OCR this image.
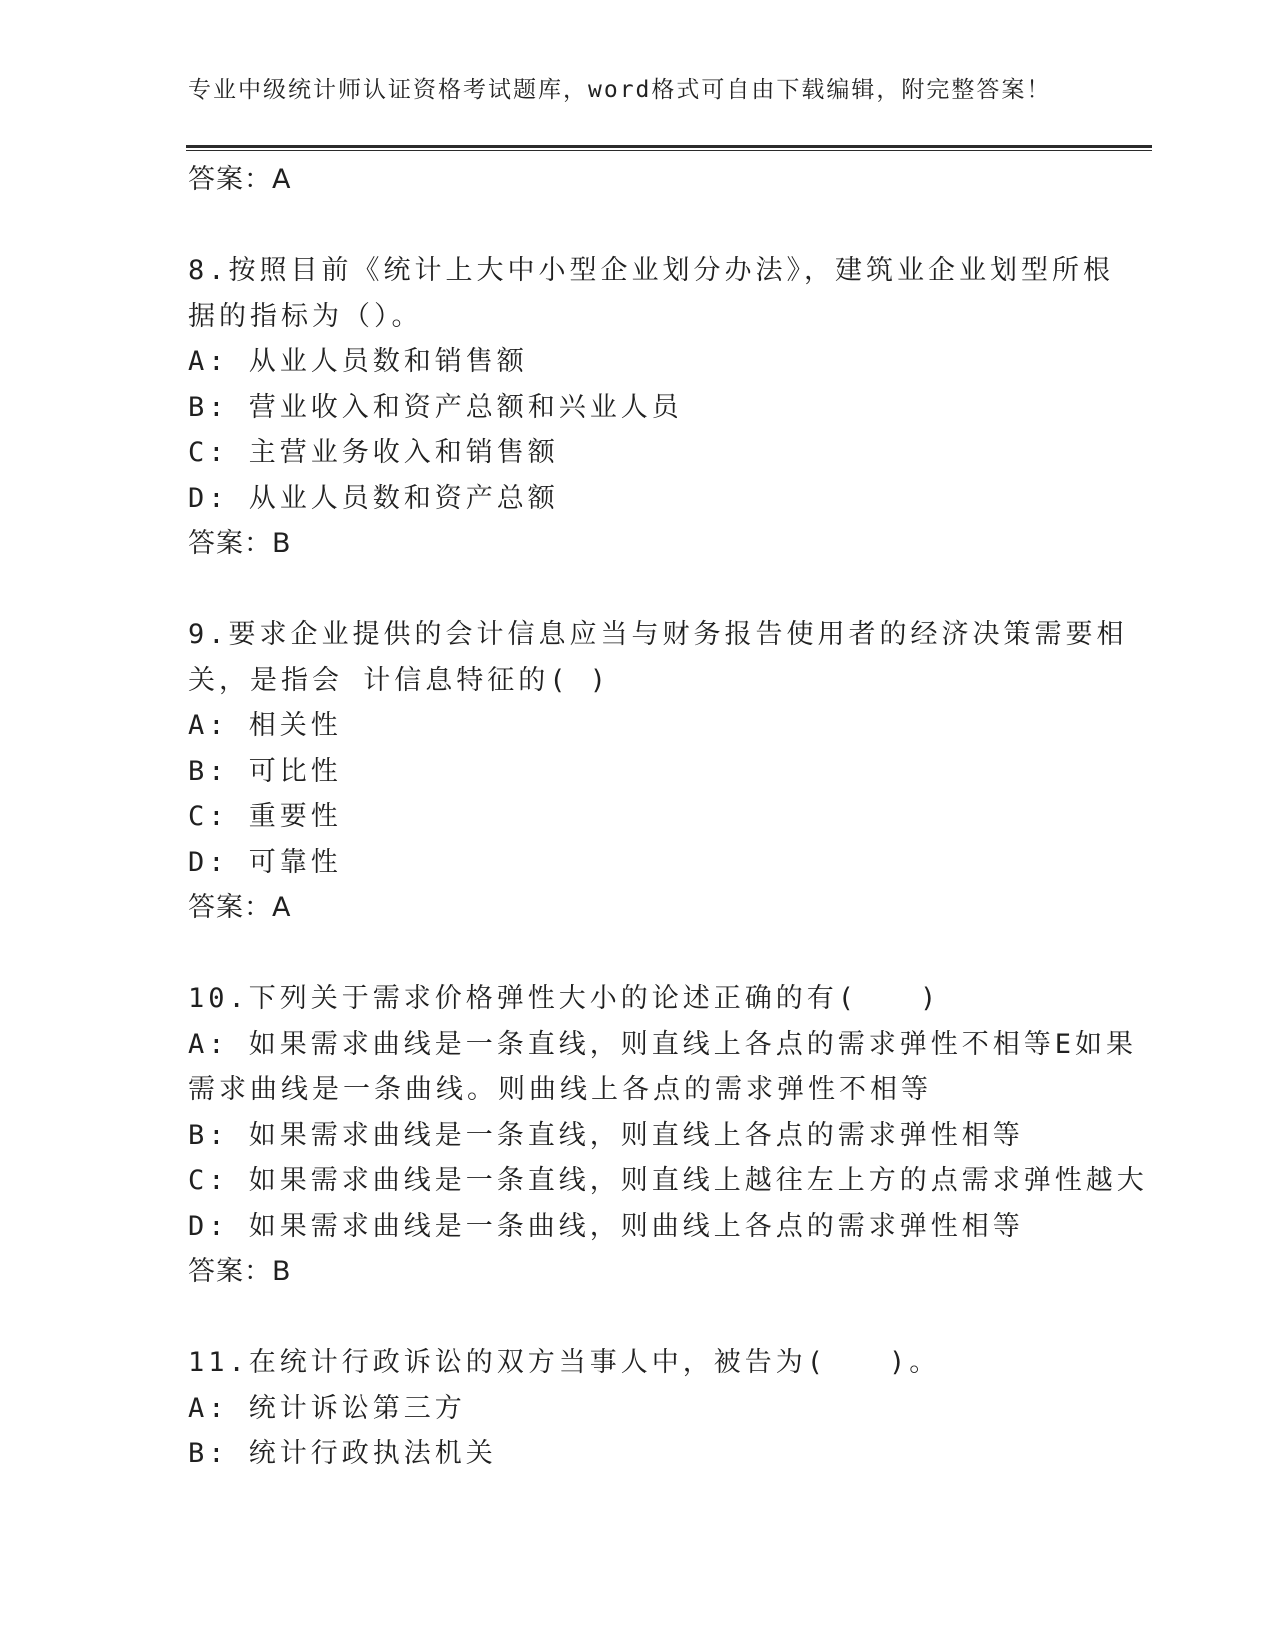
专业中级统计师认证资格考试题库，word格式可自由下载编辑，附完整答案！
答案：A
8.按照目前《统计上大中小型企业划分办法》，建筑业企业划型所根
据的指标为（）。
A: 从业人员数和销售额
B: 营业收入和资产总额和兴业人员
C: 主营业务收入和销售额
D: 从业人员数和资产总额
答案：B
9.要求企业提供的会计信息应当与财务报告使用者的经济决策需要相
关，是指会 计信息特征的( )
A: 相关性
B: 可比性
C: 重要性
D: 可靠性
答案：A
10.下列关于需求价格弹性大小的论述正确的有(　　)
A: 如果需求曲线是一条直线，则直线上各点的需求弹性不相等E如果
需求曲线是一条曲线。则曲线上各点的需求弹性不相等
B: 如果需求曲线是一条直线，则直线上各点的需求弹性相等
C: 如果需求曲线是一条直线，则直线上越往左上方的点需求弹性越大
D: 如果需求曲线是一条曲线，则曲线上各点的需求弹性相等
答案：B
11.在统计行政诉讼的双方当事人中，被告为(　　)。
A: 统计诉讼第三方
B: 统计行政执法机关
